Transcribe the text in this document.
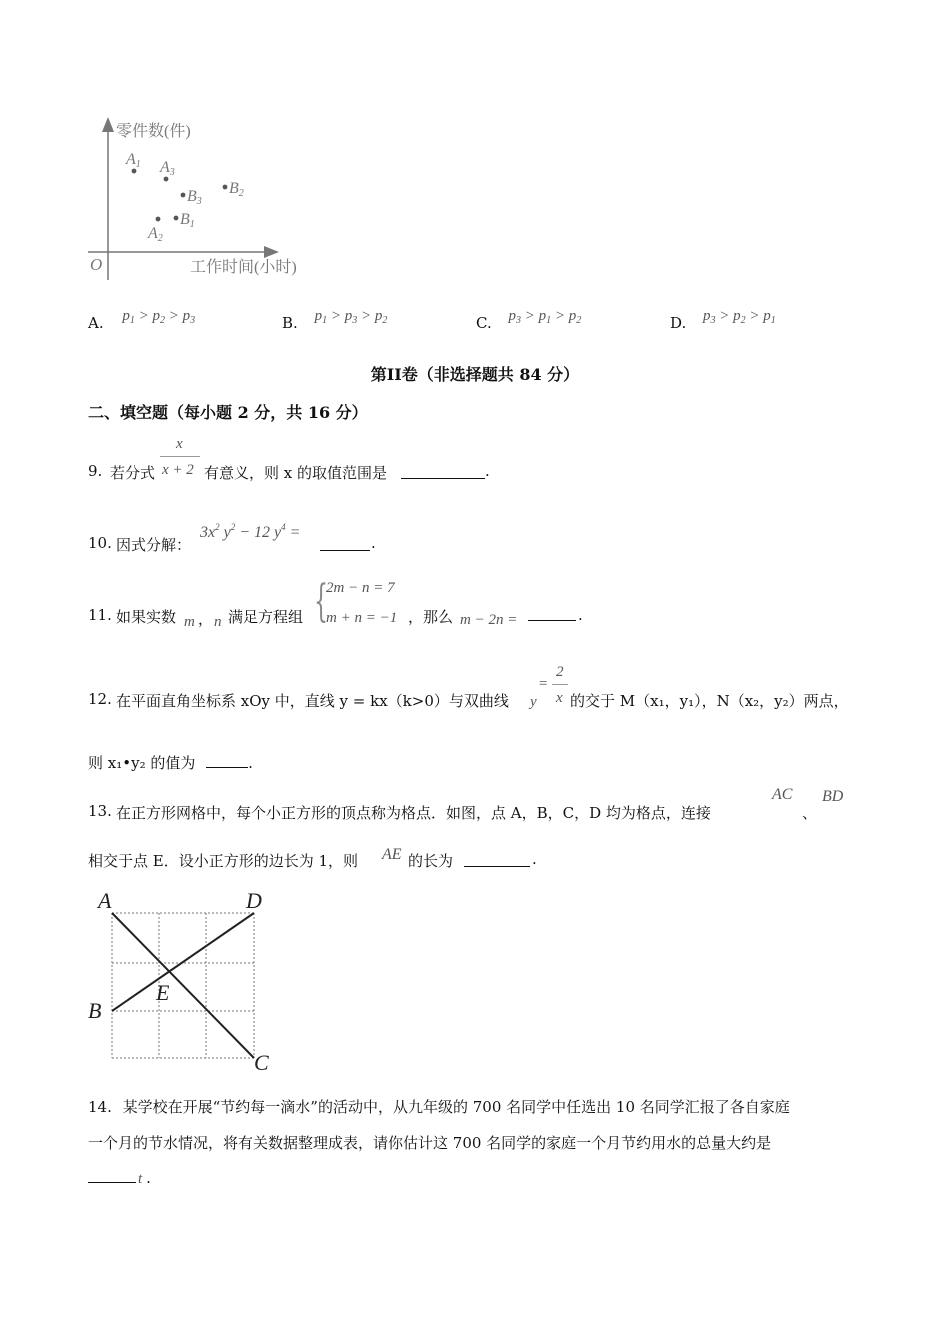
零件数(件)
工作时间(小时)
O
A1 A3
B3
B2
A2
B1
A. $p_1 > p_2 > p_3$	B. $p_1 > p_3 > p_2$	C. $p_3 > p_1 > p_2$	D. $p_3 > p_2 > p_1$
第II卷（非选择题共 84 分）
二、填空题（每小题 2 分，共 16 分）
9. 若分式
x
x + 2 有意义，则 x 的取值范围是	.
10. 因式分解：
$3x^2$ $y^2 - 12$ $y^4$ =
.
11. 如果实数 m ， n 满足方程组 {
2m − n = 7
m + n = −1 ，那么 m − 2n =	.
12. 在平面直角坐标系 xOy 中，直线 y = kx（k>0）与双曲线 y
=
2
x 的交于 M（x₁，y₁），N（x₂，y₂）两点，
则 x₁•y₂ 的值为	.
13. 在正方形网格中，每个小正方形的顶点称为格点．如图，点 A，B，C，D 均为格点，连接
AC
、
BD
相交于点 E．设小正方形的边长为 1，则 AE 的长为	.
A	D
B
C
E
14. 某学校在开展“节约每一滴水”的活动中，从九年级的 700 名同学中任选出 10 名同学汇报了各自家庭
一个月的节水情况，将有关数据整理成表，请你估计这 700 名同学的家庭一个月节约用水的总量大约是
t .
